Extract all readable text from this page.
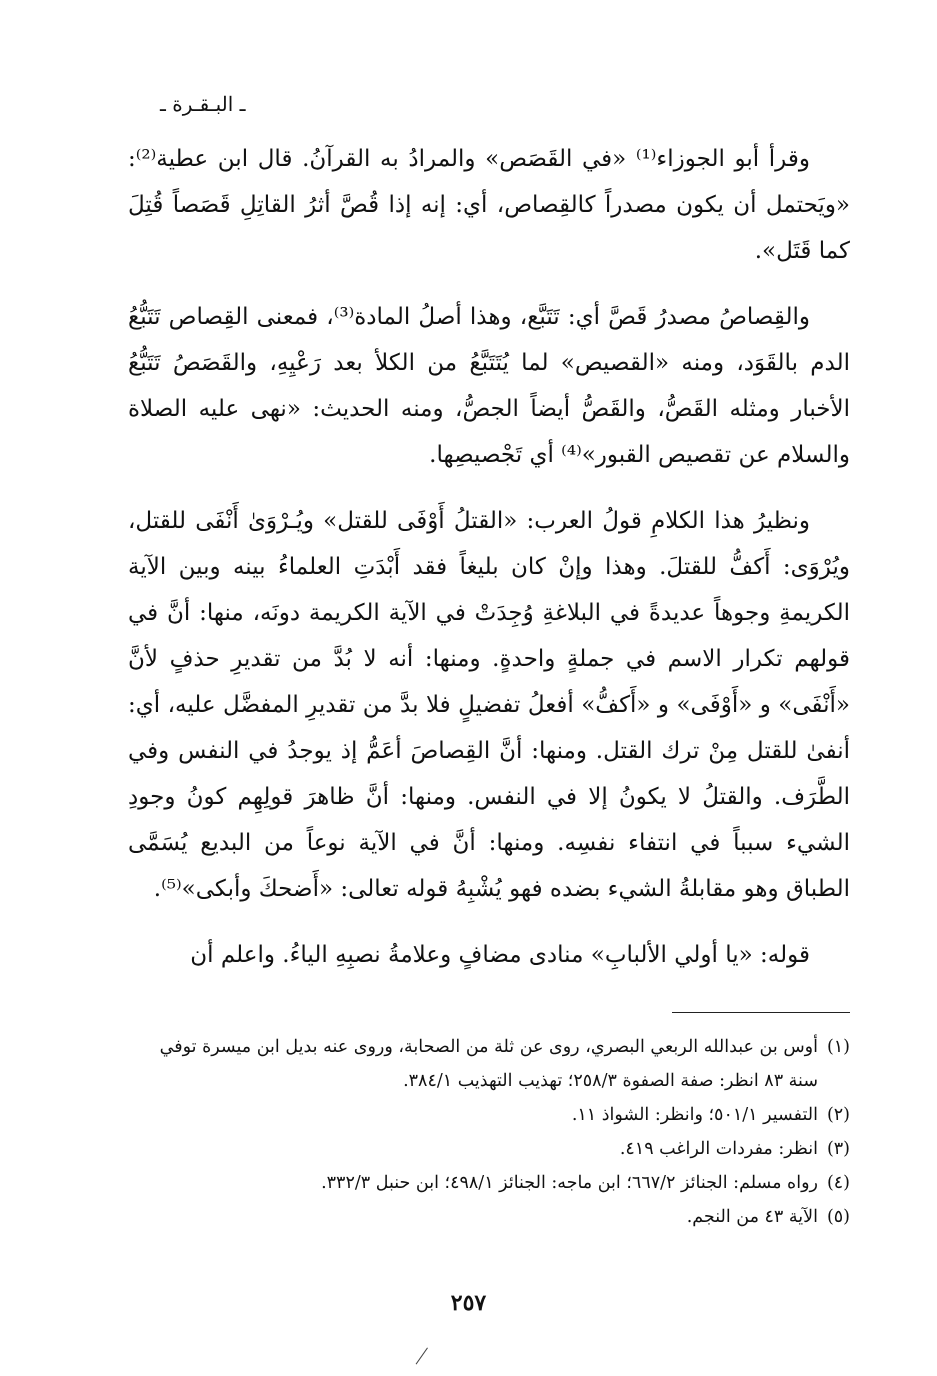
ـ البـقـرة ـ

وقرأ أبو الجوزاء⁽¹⁾ «في القَصَص» والمرادُ به القرآنُ. قال ابن عطية⁽²⁾: «ويَحتمل أن يكون مصدراً كالقِصاص، أي: إنه إذا قُصَّ أثرُ القاتِلِ قَصَصاً قُتِلَ كما قَتَل».

والقِصاصُ مصدرُ قَصَّ أي: تَتَبَّع، وهذا أصلُ المادة⁽³⁾، فمعنى القِصاص تَتَبُّعُ الدم بالقَوَد، ومنه «القصيص» لما يُتَتَبَّعُ من الكلأ بعد رَعْيِهِ، والقَصَصُ تَتَبُّعُ الأخبار ومثله القَصُّ، والقَصُّ أيضاً الجصُّ، ومنه الحديث: «نهى عليه الصلاة والسلام عن تقصيص القبور»⁽⁴⁾ أي تَجْصيصِها.

ونظيرُ هذا الكلامِ قولُ العرب: «القتلُ أَوْفَى للقتل» ويُـرْوَىٰ أَنْفَى للقتل، ويُرْوَى: أَكفُّ للقتلَ. وهذا وإنْ كان بليغاً فقد أَبْدَتِ العلماءُ بينه وبين الآية الكريمةِ وجوهاً عديدةً في البلاغةِ وُجِدَتْ في الآية الكريمة دونَه، منها: أنَّ في قولهم تكرار الاسم في جملةٍ واحدةٍ. ومنها: أنه لا بُدَّ من تقديرِ حذفٍ لأنَّ «أَنْفَى» و «أَوْفَى» و «أَكفُّ» أفعلُ تفضيلٍ فلا بدَّ من تقديرِ المفضَّل عليه، أي: أنفىٰ للقتل مِنْ ترك القتل. ومنها: أنَّ القِصاصَ أعَمُّ إذ يوجدُ في النفس وفي الطَّرَف. والقتلُ لا يكونُ إلا في النفس. ومنها: أنَّ ظاهرَ قولِهِم كونُ وجودِ الشيء سبباً في انتفاء نفسِه. ومنها: أنَّ في الآية نوعاً من البديع يُسَمَّى الطباق وهو مقابلةُ الشيء بضده فهو يُشْبِهُ قوله تعالى: «أَضحكَ وأبكى»⁽⁵⁾.

قوله: «يا أولي الألبابِ» منادى مضافٍ وعلامةُ نصبِهِ الياءُ. واعلم أن

(١)أوس بن عبدالله الربعي البصري، روى عن ثلة من الصحابة، وروى عنه بديل ابن ميسرة توفي سنة ٨٣ انظر: صفة الصفوة ٢٥٨/٣؛ تهذيب التهذيب ٣٨٤/١.

(٢)التفسير ٥٠١/١؛ وانظر: الشواذ ١١.

(٣)انظر: مفردات الراغب ٤١٩.

(٤)رواه مسلم: الجنائز ٦٦٧/٢؛ ابن ماجه: الجنائز ٤٩٨/١؛ ابن حنبل ٣٣٢/٣.

(٥)الآية ٤٣ من النجم.

٢٥٧
